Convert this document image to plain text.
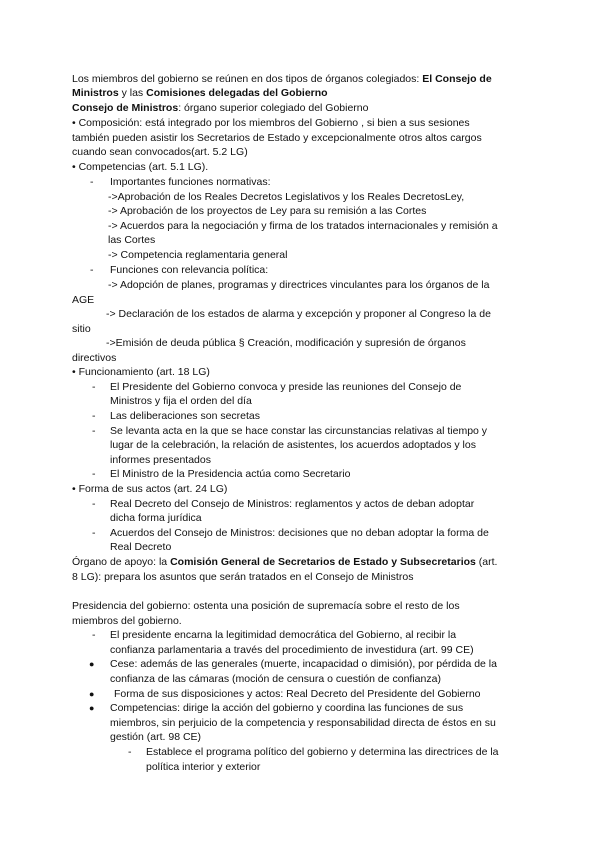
Los miembros del gobierno se reúnen en dos tipos de órganos colegiados: El Consejo de
Ministros y las Comisiones delegadas del Gobierno
Consejo de Ministros: órgano superior colegiado del Gobierno
• Composición: está integrado por los miembros del Gobierno , si bien a sus sesiones
también pueden asistir los Secretarios de Estado y excepcionalmente otros altos cargos
cuando sean convocados(art. 5.2 LG)
• Competencias (art. 5.1 LG).
- Importantes funciones normativas:
->Aprobación de los Reales Decretos Legislativos y los Reales DecretosLey,
-> Aprobación de los proyectos de Ley para su remisión a las Cortes
-> Acuerdos para la negociación y firma de los tratados internacionales y remisión a
las Cortes
-> Competencia reglamentaria general
- Funciones con relevancia política:
-> Adopción de planes, programas y directrices vinculantes para los órganos de la
AGE
-> Declaración de los estados de alarma y excepción y proponer al Congreso la de
sitio
->Emisión de deuda pública § Creación, modificación y supresión de órganos
directivos
• Funcionamiento (art. 18 LG)
- El Presidente del Gobierno convoca y preside las reuniones del Consejo de
Ministros y fija el orden del día
- Las deliberaciones son secretas
- Se levanta acta en la que se hace constar las circunstancias relativas al tiempo y
lugar de la celebración, la relación de asistentes, los acuerdos adoptados y los
informes presentados
- El Ministro de la Presidencia actúa como Secretario
• Forma de sus actos (art. 24 LG)
- Real Decreto del Consejo de Ministros: reglamentos y actos de deban adoptar
dicha forma jurídica
- Acuerdos del Consejo de Ministros: decisiones que no deban adoptar la forma de
Real Decreto
Órgano de apoyo: la Comisión General de Secretarios de Estado y Subsecretarios (art.
8 LG): prepara los asuntos que serán tratados en el Consejo de Ministros
Presidencia del gobierno: ostenta una posición de supremacía sobre el resto de los
miembros del gobierno.
- El presidente encarna la legitimidad democrática del Gobierno, al recibir la
confianza parlamentaria a través del procedimiento de investidura (art. 99 CE)
● Cese: además de las generales (muerte, incapacidad o dimisión), por pérdida de la
confianza de las cámaras (moción de censura o cuestión de confianza)
● Forma de sus disposiciones y actos: Real Decreto del Presidente del Gobierno
● Competencias: dirige la acción del gobierno y coordina las funciones de sus
miembros, sin perjuicio de la competencia y responsabilidad directa de éstos en su
gestión (art. 98 CE)
- Establece el programa político del gobierno y determina las directrices de la
política interior y exterior
